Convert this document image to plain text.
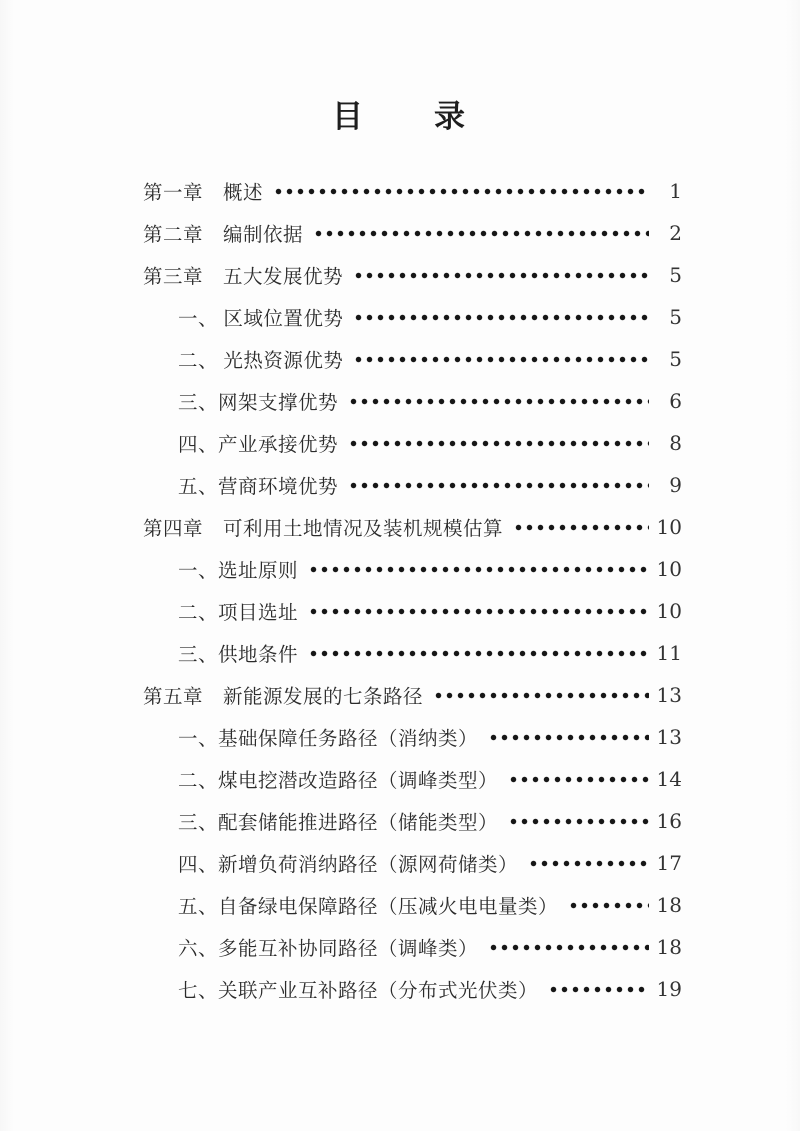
目　　录
第一章　概述	1
第二章　编制依据	2
第三章　五大发展优势	5
一、 区域位置优势	5
二、 光热资源优势	5
三、网架支撑优势	6
四、产业承接优势	8
五、营商环境优势	9
第四章　可利用土地情况及装机规模估算	10
一、选址原则	10
二、项目选址	10
三、供地条件	11
第五章　新能源发展的七条路径	13
一、基础保障任务路径（消纳类）	13
二、煤电挖潜改造路径（调峰类型）	14
三、配套储能推进路径（储能类型）	16
四、新增负荷消纳路径（源网荷储类）	17
五、自备绿电保障路径（压减火电电量类）	18
六、多能互补协同路径（调峰类）	18
七、关联产业互补路径（分布式光伏类）	19
